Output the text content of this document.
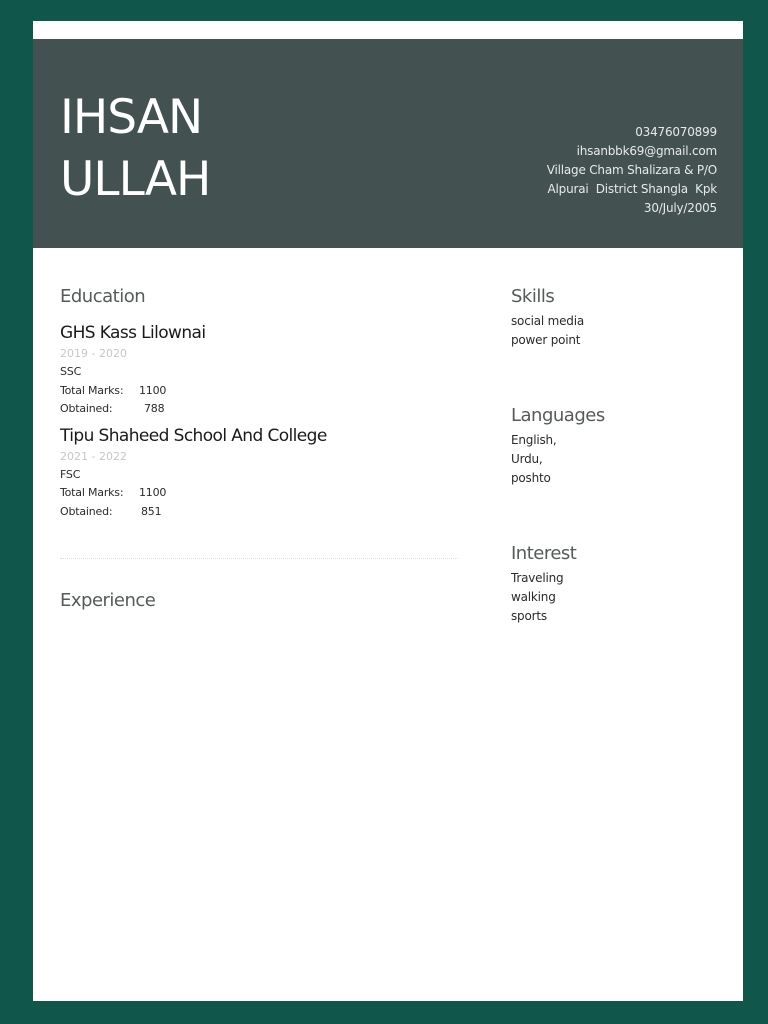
IHSAN
ULLAH
03476070899
ihsanbbk69@gmail.com
Village Cham Shalizara & P/O
Alpurai  District Shangla  Kpk
30/July/2005
Education
GHS Kass Lilownai
2019 - 2020
SSC
Total Marks:	1100
Obtained:	788
Tipu Shaheed School And College
2021 - 2022
FSC
Total Marks:	1100
Obtained:	851
Experience
Skills
social media
power point
Languages
English,
Urdu,
poshto
Interest
Traveling
walking
sports
